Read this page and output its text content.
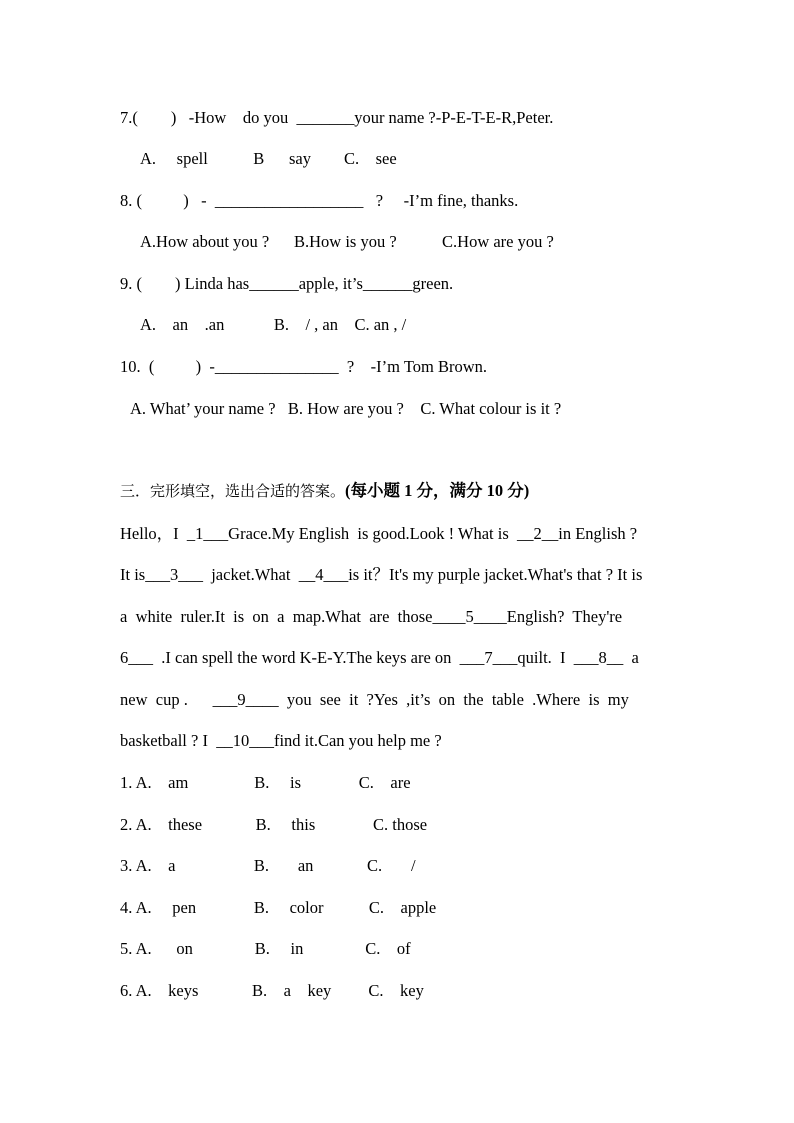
7.(        )   -How    do you  _______your name ?-P-E-T-E-R,Peter.
A.     spell           B      say        C.    see
8. (          )   -  __________________   ?     -I’m fine, thanks.
A.How about you ?      B.How is you ?           C.How are you ?
9. (        ) Linda has______apple, it’s______green.
A.    an    .an            B.    / , an    C. an , /
10.  (          )  -_______________  ?    -I’m Tom Brown.
A. What’ your name ?   B. How are you ?    C. What colour is it ?
三．完形填空，选出合适的答案。(每小题 1 分，满分 10 分)
Hello，I  _1___Grace.My English  is good.Look ! What is  __2__in English ?
It is___3___  jacket.What  __4___is it？It's my purple jacket.What's that ? It is
a  white  ruler.It  is  on  a  map.What  are  those____5____English?  They're
6___  .I can spell the word K-E-Y.The keys are on  ___7___quilt.  I  ___8__  a
new  cup .      ___9____  you  see  it  ?Yes  ,it’s  on  the  table  .Where  is  my
basketball ? I  __10___find it.Can you help me ?
1. A.    am                B.     is              C.    are
2. A.    these             B.     this              C. those
3. A.    a                   B.       an             C.       /
4. A.     pen              B.     color           C.    apple
5. A.      on               B.     in               C.    of
6. A.    keys             B.    a    key         C.    key
